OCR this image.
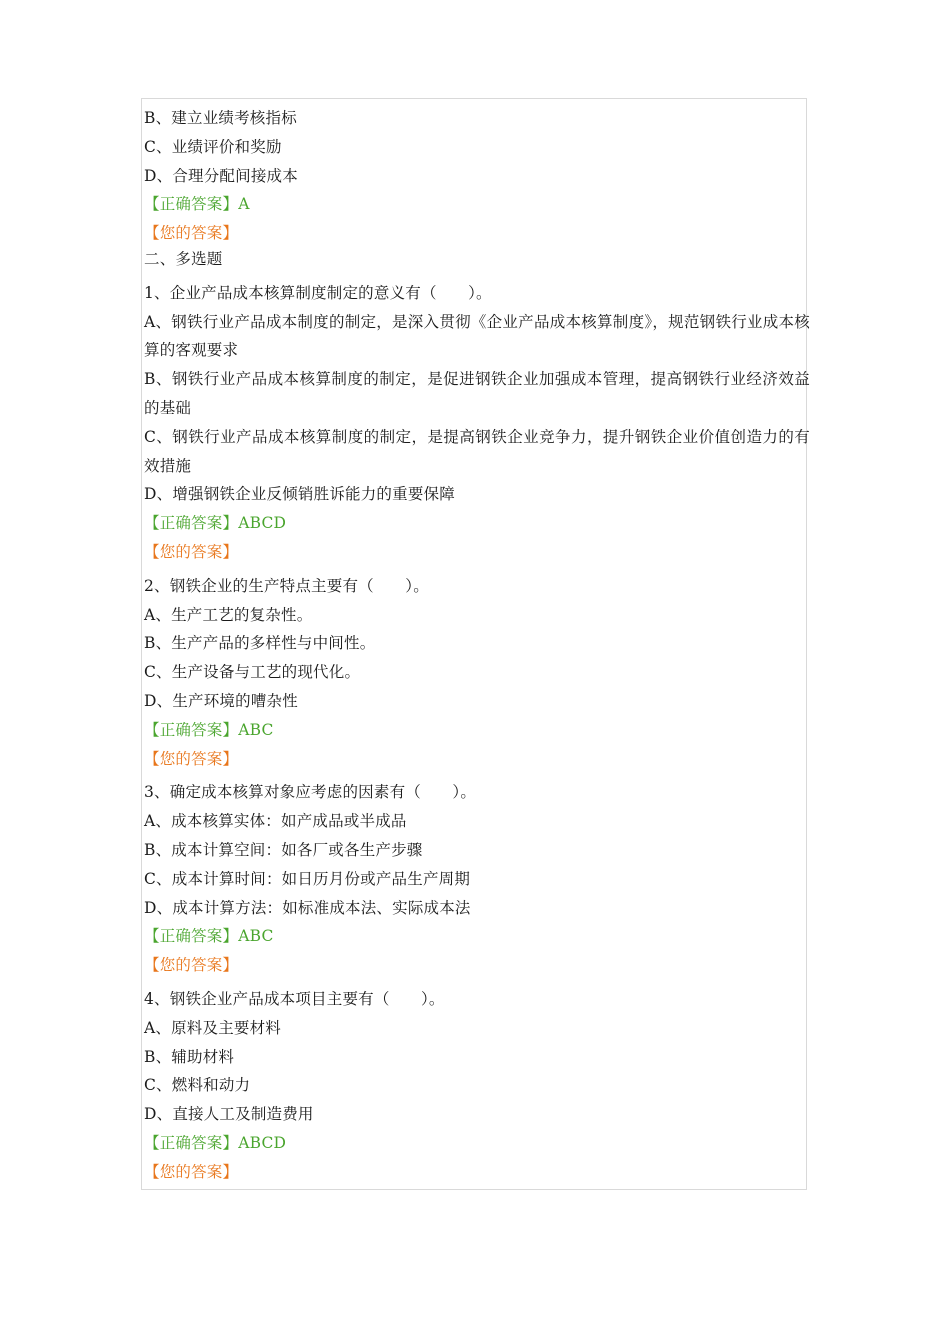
B、建立业绩考核指标
C、业绩评价和奖励
D、合理分配间接成本
【正确答案】A
【您的答案】
二、多选题
1、企业产品成本核算制度制定的意义有（　　）。
A、钢铁行业产品成本制度的制定，是深入贯彻《企业产品成本核算制度》，规范钢铁行业成本核算的客观要求
B、钢铁行业产品成本核算制度的制定，是促进钢铁企业加强成本管理，提高钢铁行业经济效益的基础
C、钢铁行业产品成本核算制度的制定，是提高钢铁企业竞争力，提升钢铁企业价值创造力的有效措施
D、增强钢铁企业反倾销胜诉能力的重要保障
【正确答案】ABCD
【您的答案】
2、钢铁企业的生产特点主要有（　　）。
A、生产工艺的复杂性。
B、生产产品的多样性与中间性。
C、生产设备与工艺的现代化。
D、生产环境的嘈杂性
【正确答案】ABC
【您的答案】
3、确定成本核算对象应考虑的因素有（　　）。
A、成本核算实体：如产成品或半成品
B、成本计算空间：如各厂或各生产步骤
C、成本计算时间：如日历月份或产品生产周期
D、成本计算方法：如标准成本法、实际成本法
【正确答案】ABC
【您的答案】
4、钢铁企业产品成本项目主要有（　　）。
A、原料及主要材料
B、辅助材料
C、燃料和动力
D、直接人工及制造费用
【正确答案】ABCD
【您的答案】
